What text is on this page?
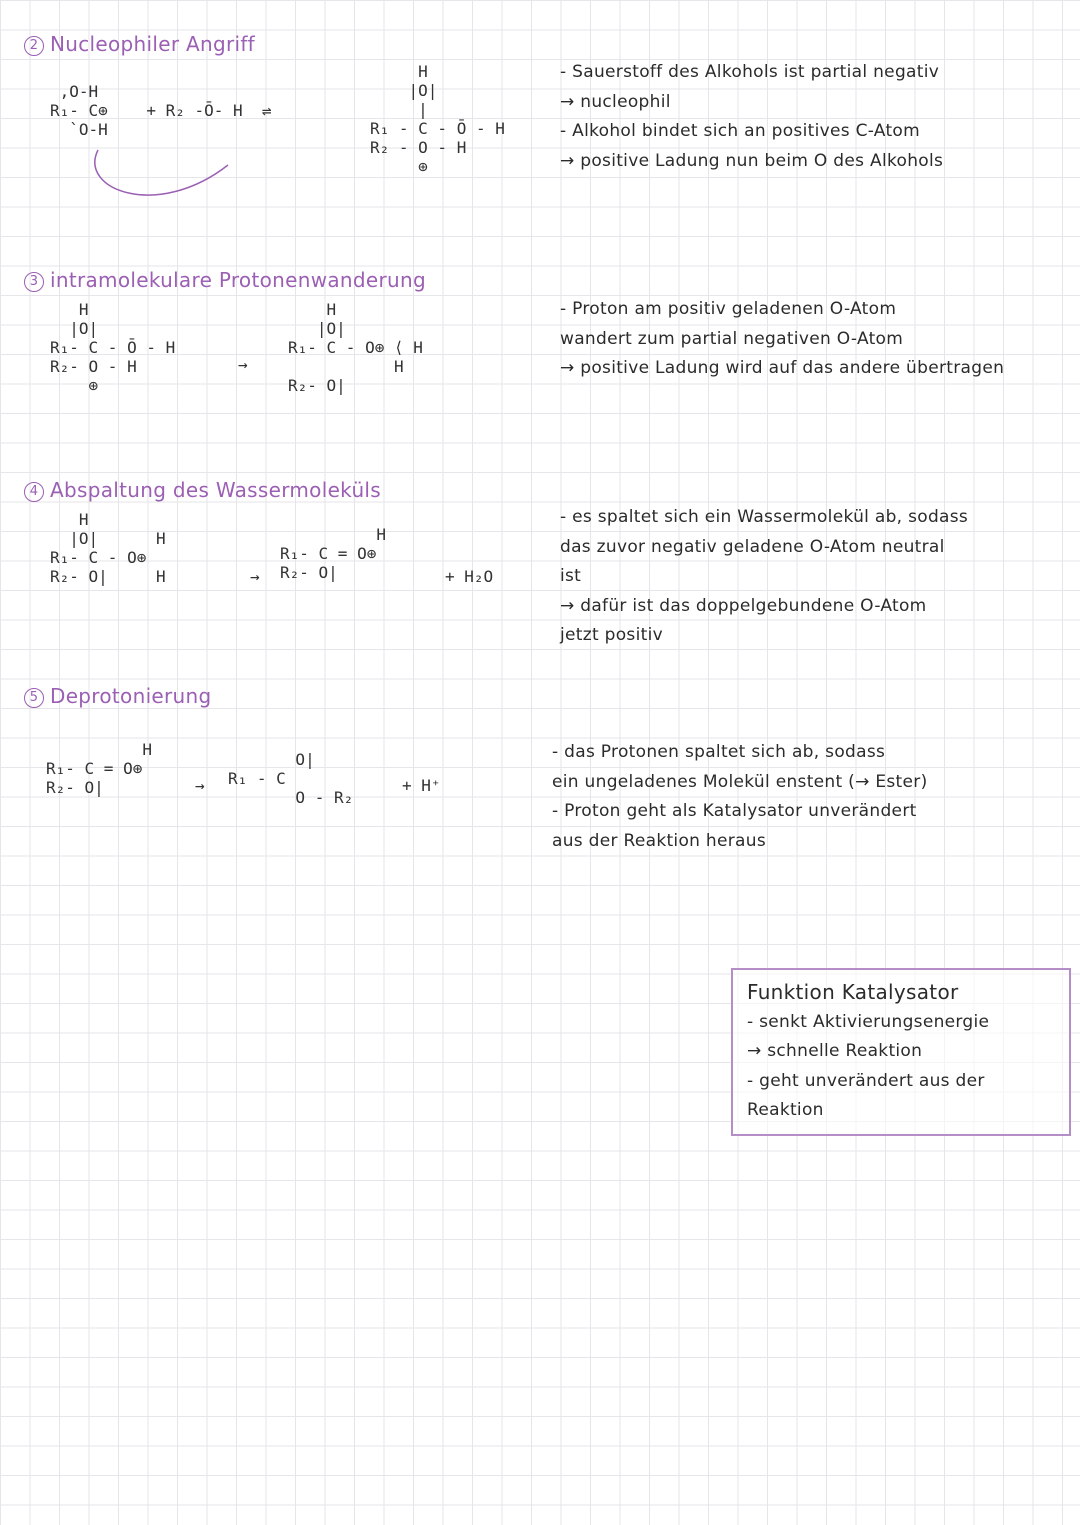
2 Nucleophiler Angriff
,O-H
R₁- C⊕    + R₂ -Ō- H  ⇌
`O-H
H
|O|
|
R₁ - C - Ō - H
R₂ - O - H
⊕
- Sauerstoff des Alkohols ist partial negativ
→ nucleophil
- Alkohol bindet sich an positives C-Atom
→ positive Ladung nun beim O des Alkohols
3 intramolekulare Protonenwanderung
H
|O|
R₁- C - Ō - H
R₂- O - H
⊕
→
H
|O|
R₁- C - O⊕ ⟨ H
H
R₂- O|
- Proton am positiv geladenen O-Atom
wandert zum partial negativen O-Atom
→ positive Ladung wird auf das andere übertragen
4 Abspaltung des Wassermoleküls
H
|O|      H
R₁- C - O⊕
R₂- O|     H	→
H
R₁- C = O⊕
R₂- O|	+ H₂O
- es spaltet sich ein Wassermolekül ab, sodass
das zuvor negativ geladene O-Atom neutral
ist
→ dafür ist das doppelgebundene O-Atom
jetzt positiv
5 Deprotonierung
H
R₁- C = O⊕
R₂- O|	→
O|
R₁ - C
O - R₂
+ H⁺
- das Protonen spaltet sich ab, sodass
ein ungeladenes Molekül enstent (→ Ester)
- Proton geht als Katalysator unverändert
aus der Reaktion heraus
Funktion Katalysator
- senkt Aktivierungsenergie
→ schnelle Reaktion
- geht unverändert aus der
Reaktion
